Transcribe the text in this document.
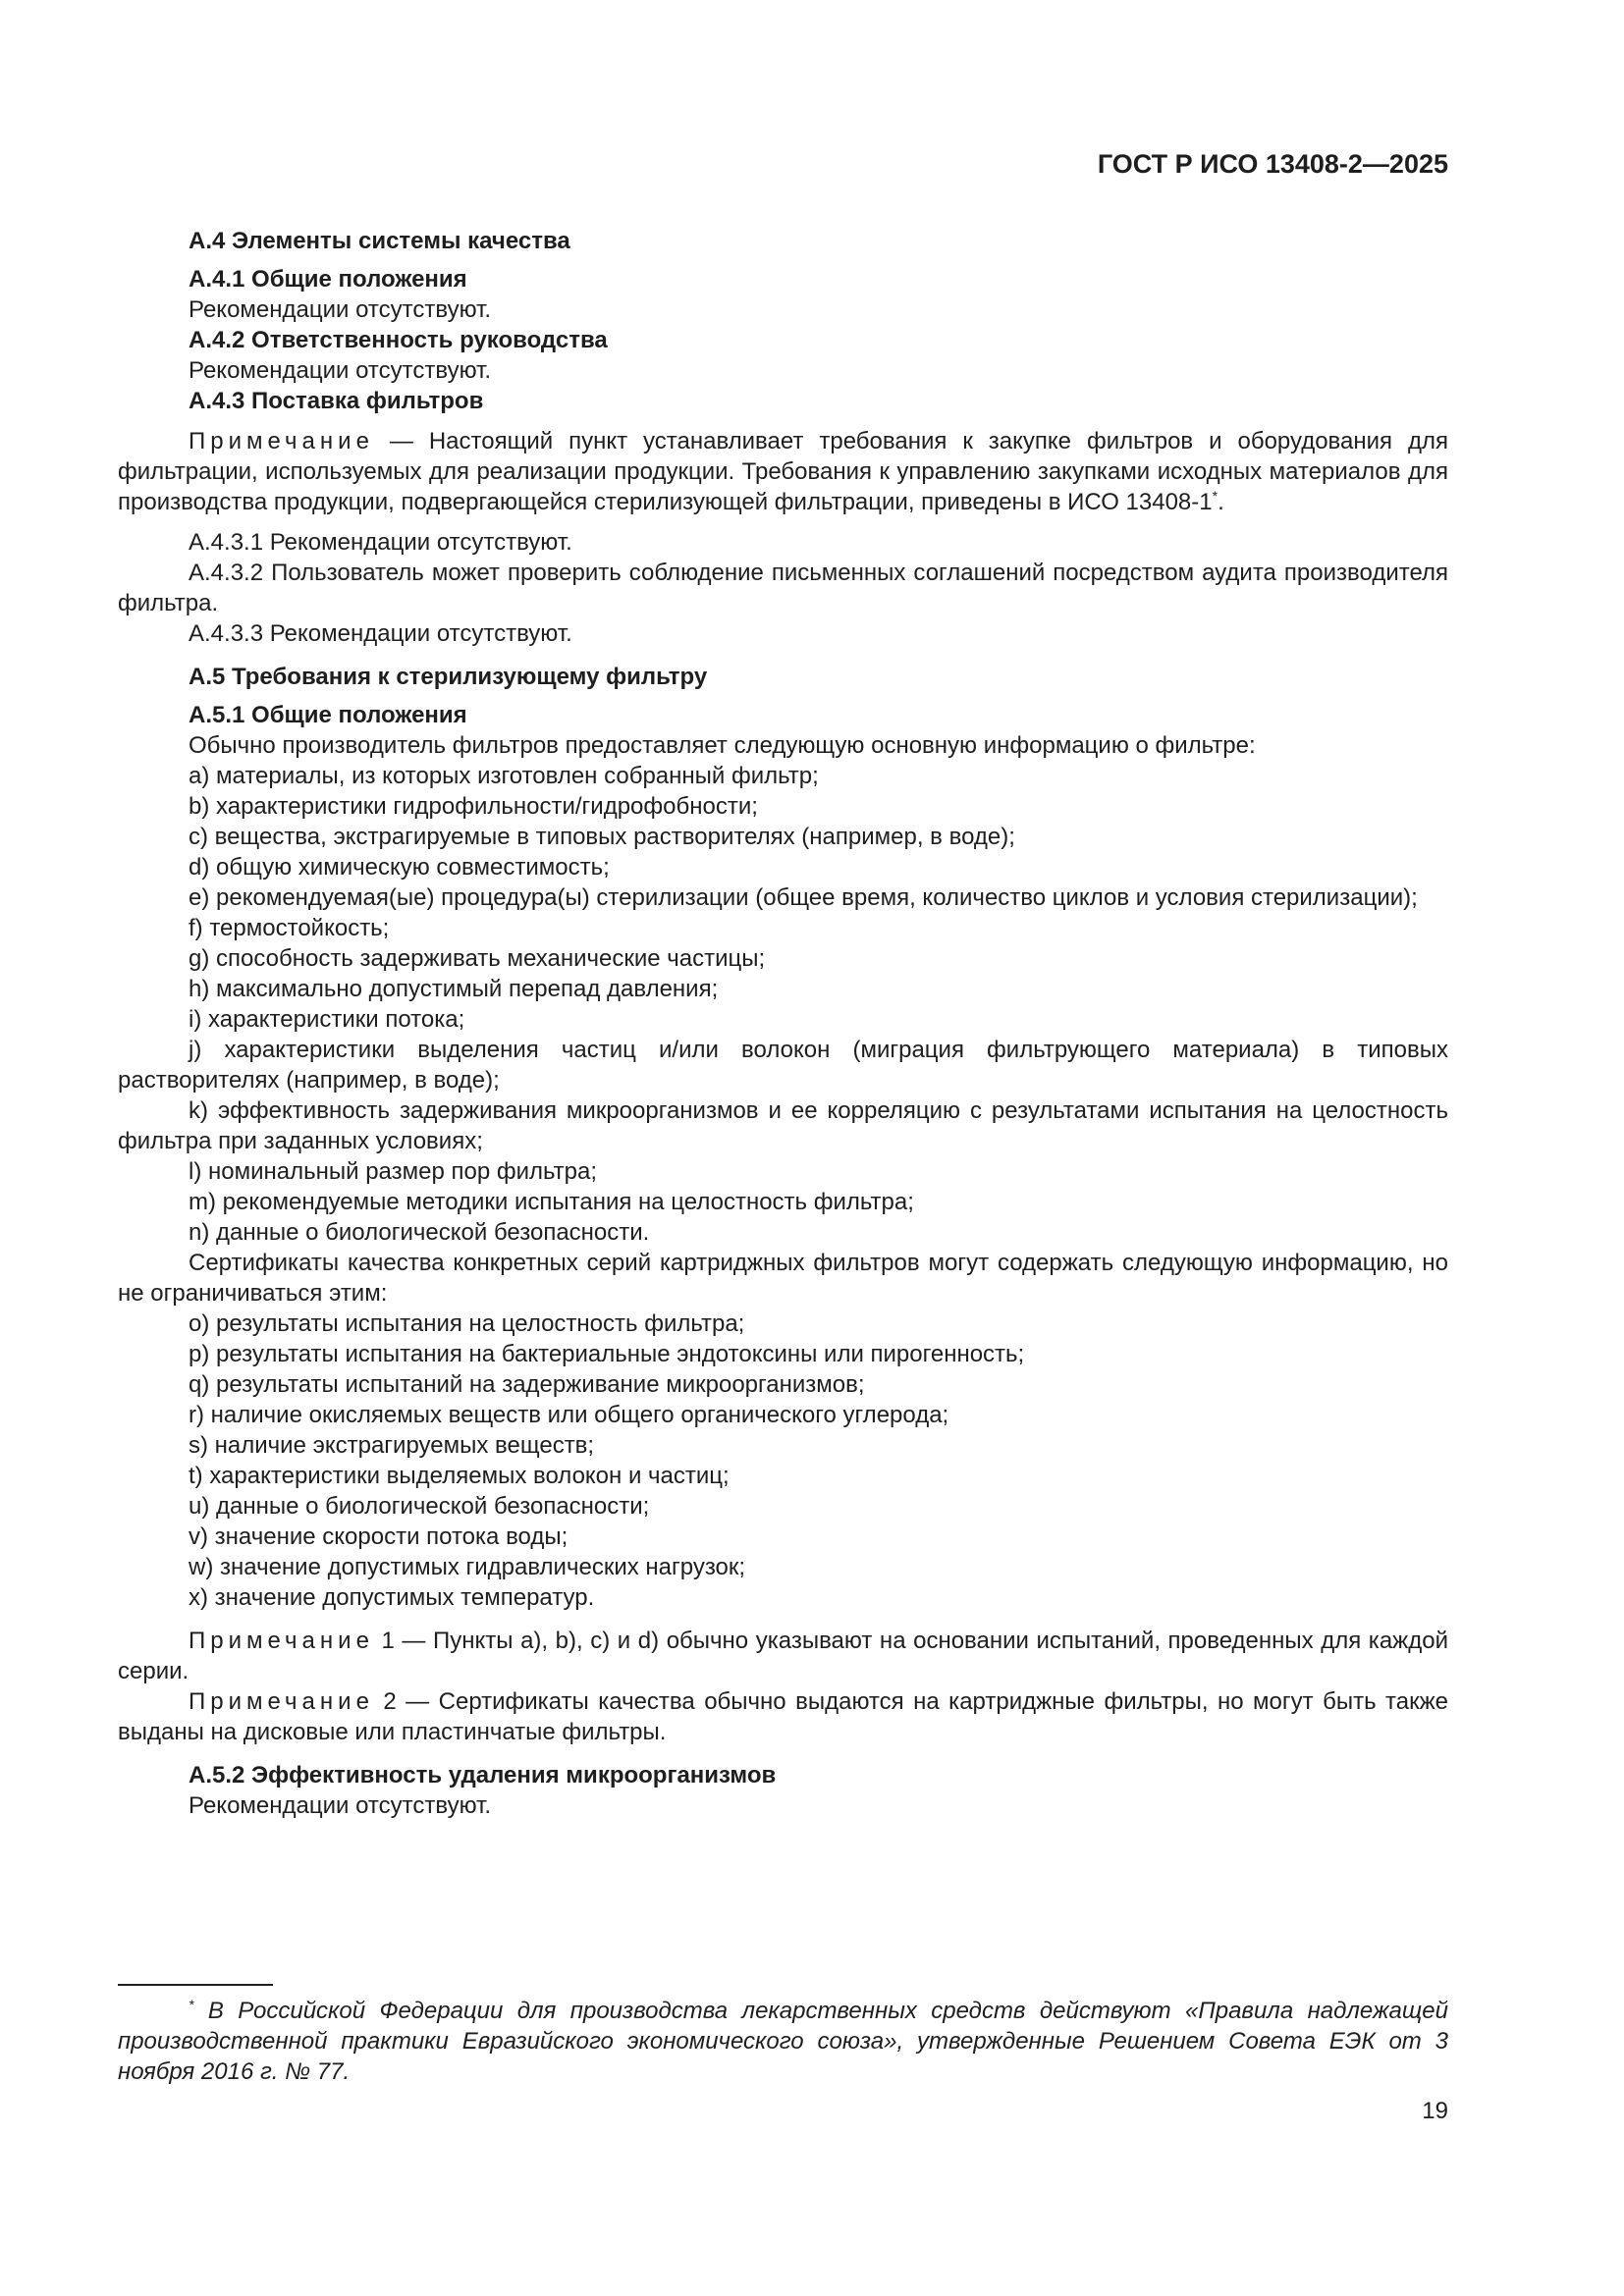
ГОСТ Р ИСО 13408-2—2025

А.4 Элементы системы качества

А.4.1 Общие положения

Рекомендации отсутствуют.

А.4.2 Ответственность руководства

Рекомендации отсутствуют.

А.4.3 Поставка фильтров

Примечание — Настоящий пункт устанавливает требования к закупке фильтров и оборудования для фильтрации, используемых для реализации продукции. Требования к управлению закупками исходных материалов для производства продукции, подвергающейся стерилизующей фильтрации, приведены в ИСО 13408-1*.

А.4.3.1 Рекомендации отсутствуют.

А.4.3.2 Пользователь может проверить соблюдение письменных соглашений посредством аудита производителя фильтра.

А.4.3.3 Рекомендации отсутствуют.

А.5 Требования к стерилизующему фильтру

А.5.1 Общие положения

Обычно производитель фильтров предоставляет следующую основную информацию о фильтре:

a) материалы, из которых изготовлен собранный фильтр;

b) характеристики гидрофильности/гидрофобности;

c) вещества, экстрагируемые в типовых растворителях (например, в воде);

d) общую химическую совместимость;

e) рекомендуемая(ые) процедура(ы) стерилизации (общее время, количество циклов и условия стерилизации);

f) термостойкость;

g) способность задерживать механические частицы;

h) максимально допустимый перепад давления;

i) характеристики потока;

j) характеристики выделения частиц и/или волокон (миграция фильтрующего материала) в типовых растворителях (например, в воде);

k) эффективность задерживания микроорганизмов и ее корреляцию с результатами испытания на целостность фильтра при заданных условиях;

l) номинальный размер пор фильтра;

m) рекомендуемые методики испытания на целостность фильтра;

n) данные о биологической безопасности.

Сертификаты качества конкретных серий картриджных фильтров могут содержать следующую информацию, но не ограничиваться этим:

o) результаты испытания на целостность фильтра;

p) результаты испытания на бактериальные эндотоксины или пирогенность;

q) результаты испытаний на задерживание микроорганизмов;

r) наличие окисляемых веществ или общего органического углерода;

s) наличие экстрагируемых веществ;

t) характеристики выделяемых волокон и частиц;

u) данные о биологической безопасности;

v) значение скорости потока воды;

w) значение допустимых гидравлических нагрузок;

x) значение допустимых температур.

Примечание 1 — Пункты a), b), c) и d) обычно указывают на основании испытаний, проведенных для каждой серии.

Примечание 2 — Сертификаты качества обычно выдаются на картриджные фильтры, но могут быть также выданы на дисковые или пластинчатые фильтры.

А.5.2 Эффективность удаления микроорганизмов

Рекомендации отсутствуют.

* В Российской Федерации для производства лекарственных средств действуют «Правила надлежащей производственной практики Евразийского экономического союза», утвержденные Решением Совета ЕЭК от 3 ноября 2016 г. № 77.

19
